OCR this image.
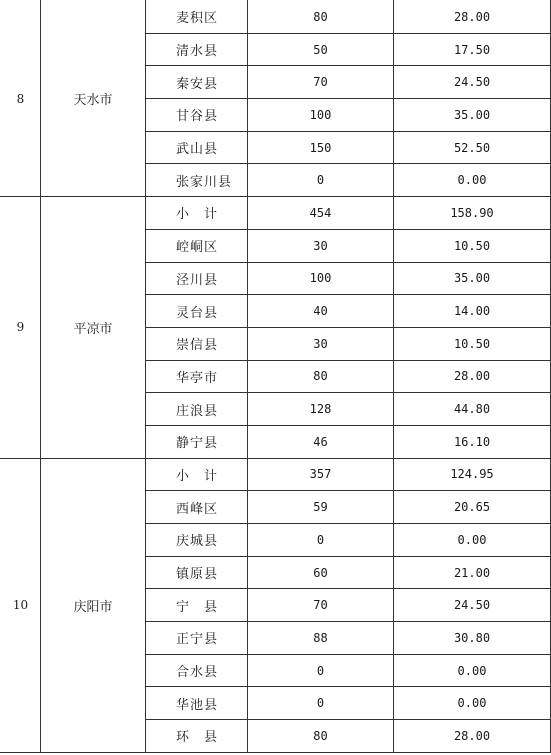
8	天水市	麦积区	80	28.00
		清水县	50	17.50
		秦安县	70	24.50
		甘谷县	100	35.00
		武山县	150	52.50
		张家川县	0	0.00
9	平凉市	小　计	454	158.90
		崆峒区	30	10.50
		泾川县	100	35.00
		灵台县	40	14.00
		崇信县	30	10.50
		华亭市	80	28.00
		庄浪县	128	44.80
		静宁县	46	16.10
10	庆阳市	小　计	357	124.95
		西峰区	59	20.65
		庆城县	0	0.00
		镇原县	60	21.00
		宁　县	70	24.50
		正宁县	88	30.80
		合水县	0	0.00
		华池县	0	0.00
		环　县	80	28.00
